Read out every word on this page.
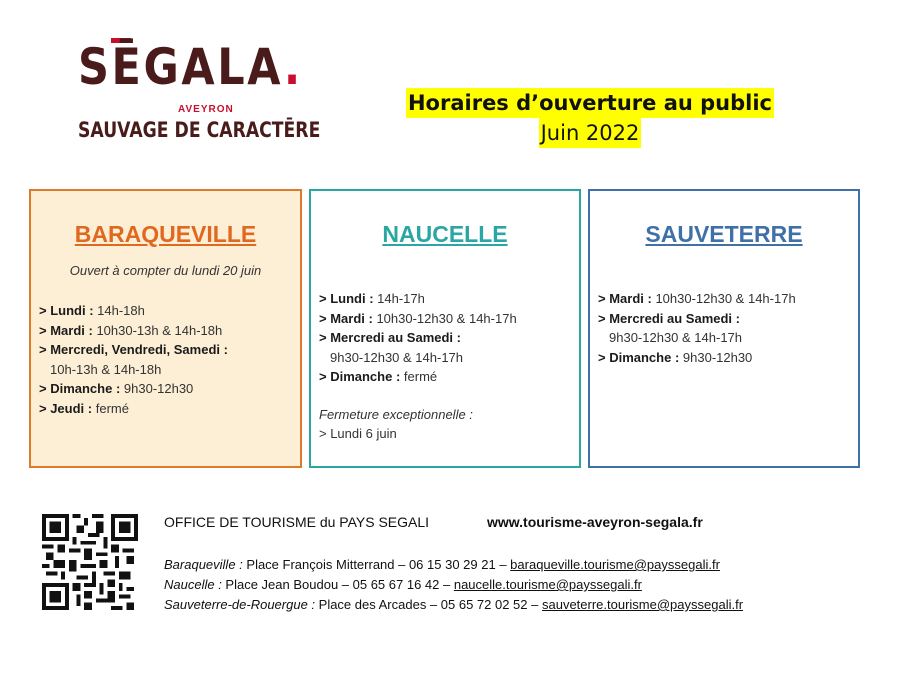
SĒGALA.
AVEYRON
SAUVAGE DE CARACTĒRE
Horaires d’ouverture au public
Juin 2022
BARAQUEVILLE
Ouvert à compter du lundi 20 juin
> Lundi : 14h-18h
> Mardi : 10h30-13h & 14h-18h
> Mercredi, Vendredi, Samedi :
10h-13h & 14h-18h
> Dimanche : 9h30-12h30
> Jeudi : fermé
NAUCELLE
> Lundi : 14h-17h
> Mardi : 10h30-12h30 & 14h-17h
> Mercredi au Samedi :
9h30-12h30 & 14h-17h
> Dimanche : fermé
Fermeture exceptionnelle :
> Lundi 6 juin
SAUVETERRE
> Mardi : 10h30-12h30 & 14h-17h
> Mercredi au Samedi :
9h30-12h30 & 14h-17h
> Dimanche : 9h30-12h30
OFFICE DE TOURISME du PAYS SEGALI	www.tourisme-aveyron-segala.fr
Baraqueville : Place François Mitterrand – 06 15 30 29 21 – baraqueville.tourisme@payssegali.fr
Naucelle : Place Jean Boudou – 05 65 67 16 42 – naucelle.tourisme@payssegali.fr
Sauveterre-de-Rouergue : Place des Arcades – 05 65 72 02 52 – sauveterre.tourisme@payssegali.fr
